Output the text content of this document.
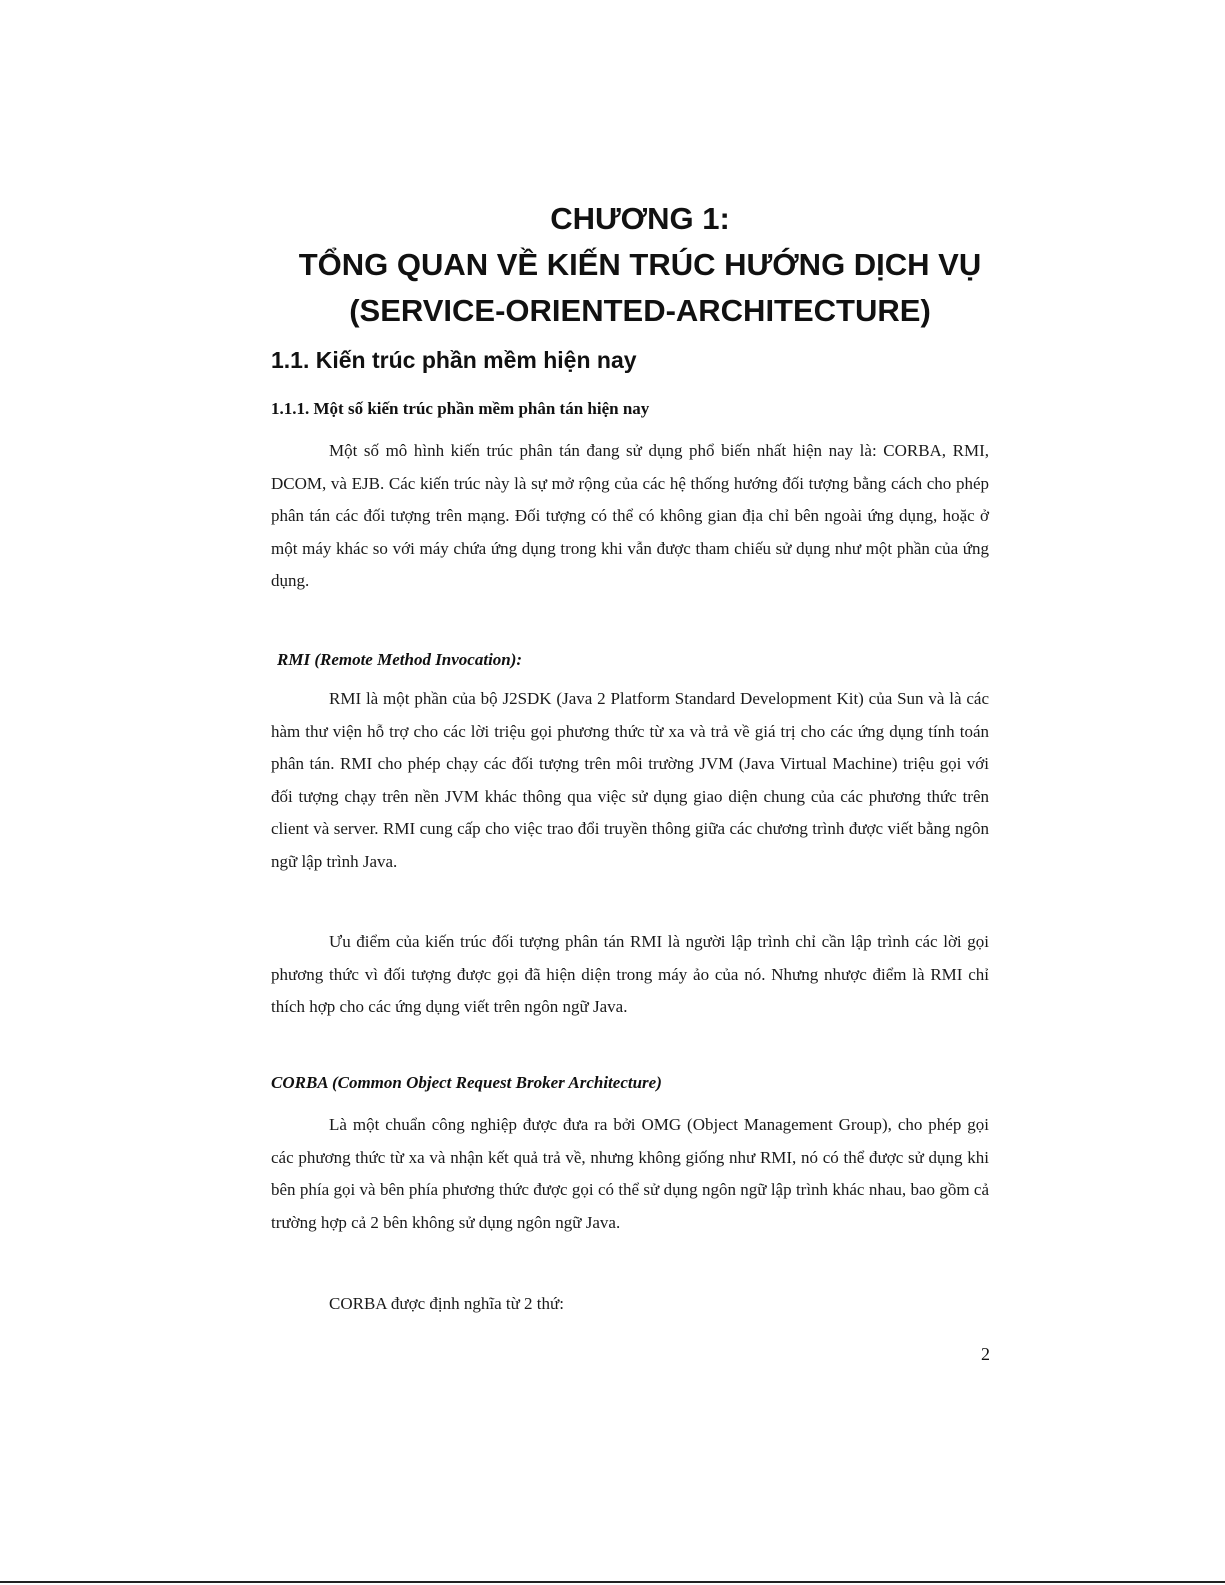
CHƯƠNG 1:
TỔNG QUAN VỀ KIẾN TRÚC HƯỚNG DỊCH VỤ
(SERVICE-ORIENTED-ARCHITECTURE)
1.1. Kiến trúc phần mềm hiện nay
1.1.1. Một số kiến trúc phần mềm phân tán hiện nay

Một số mô hình kiến trúc phân tán đang sử dụng phổ biến nhất hiện nay là: CORBA, RMI, DCOM, và EJB. Các kiến trúc này là sự mở rộng của các hệ thống hướng đối tượng bằng cách cho phép phân tán các đối tượng trên mạng. Đối tượng có thể có không gian địa chỉ bên ngoài ứng dụng, hoặc ở một máy khác so với máy chứa ứng dụng trong khi vẫn được tham chiếu sử dụng như một phần của ứng dụng.

RMI (Remote Method Invocation):

RMI là một phần của bộ J2SDK (Java 2 Platform Standard Development Kit) của Sun và là các hàm thư viện hỗ trợ cho các lời triệu gọi phương thức từ xa và trả về giá trị cho các ứng dụng tính toán phân tán. RMI cho phép chạy các đối tượng trên môi trường JVM (Java Virtual Machine) triệu gọi với đối tượng chạy trên nền JVM khác thông qua việc sử dụng giao diện chung của các phương thức trên client và server. RMI cung cấp cho việc trao đổi truyền thông giữa các chương trình được viết bằng ngôn ngữ lập trình Java.

Ưu điểm của kiến trúc đối tượng phân tán RMI là người lập trình chỉ cần lập trình các lời gọi phương thức vì đối tượng được gọi đã hiện diện trong máy ảo của nó. Nhưng nhược điểm là RMI chỉ thích hợp cho các ứng dụng viết trên ngôn ngữ Java.

CORBA (Common Object Request Broker Architecture)

Là một chuẩn công nghiệp được đưa ra bởi OMG (Object Management Group), cho phép gọi các phương thức từ xa và nhận kết quả trả về, nhưng không giống như RMI, nó có thể được sử dụng khi bên phía gọi và bên phía phương thức được gọi có thể sử dụng ngôn ngữ lập trình khác nhau, bao gồm cả trường hợp cả 2 bên không sử dụng ngôn ngữ Java.

CORBA được định nghĩa từ 2 thứ:

2
